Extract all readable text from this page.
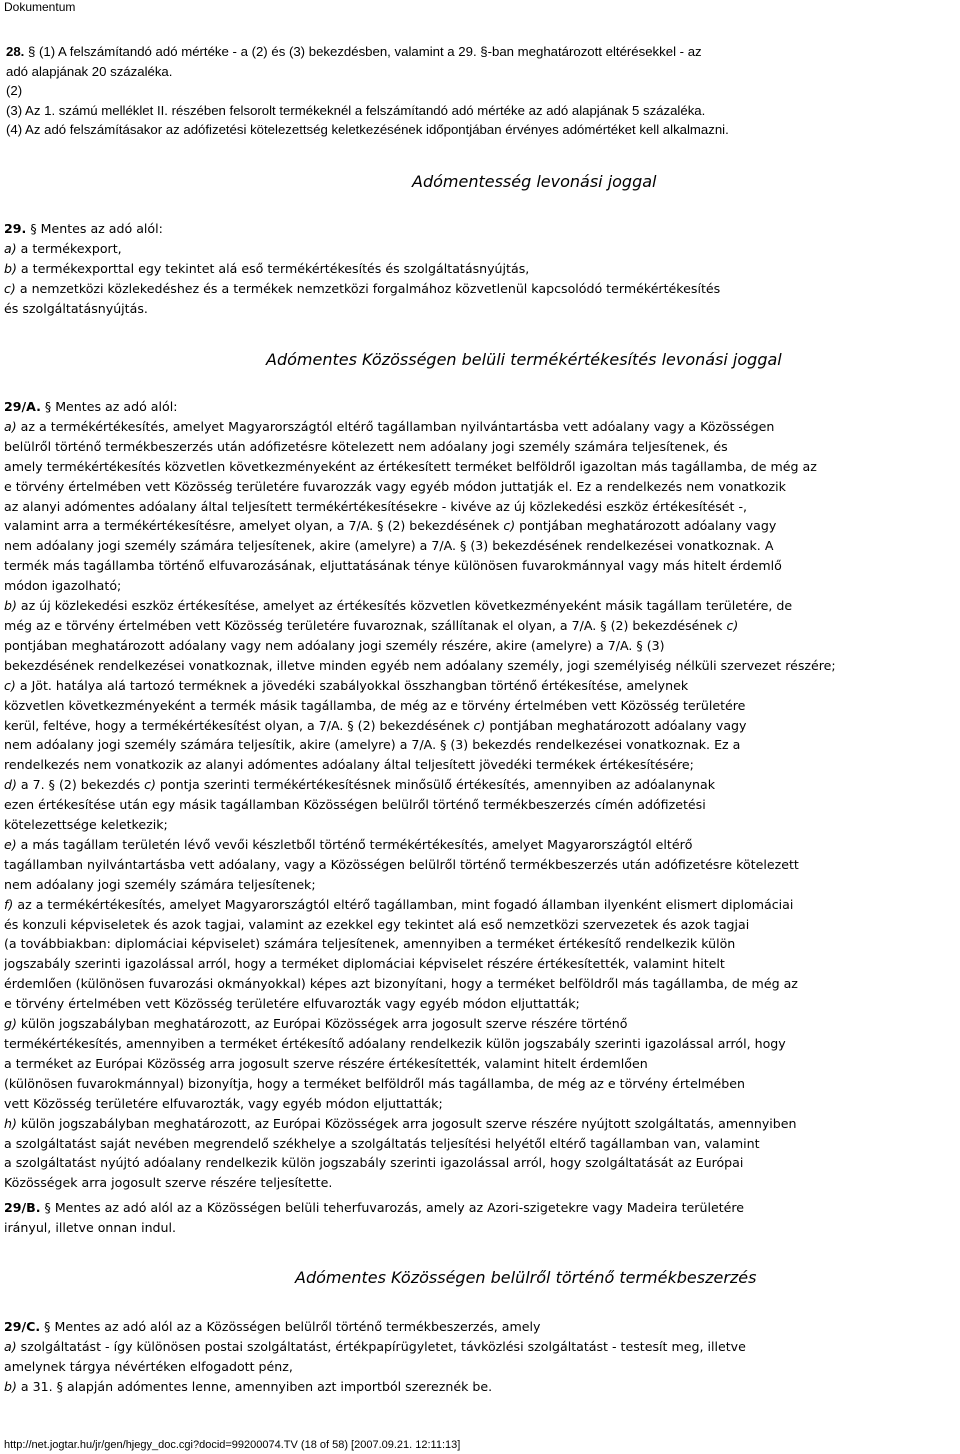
Dokumentum
28. § (1) A felszámítandó adó mértéke - a (2) és (3) bekezdésben, valamint a 29. §-ban meghatározott eltérésekkel - az
adó alapjának 20 százaléka.
(2)
(3) Az 1. számú melléklet II. részében felsorolt termékeknél a felszámítandó adó mértéke az adó alapjának 5 százaléka.
(4) Az adó felszámításakor az adófizetési kötelezettség keletkezésének időpontjában érvényes adómértéket kell alkalmazni.
Adómentesség levonási joggal
29. § Mentes az adó alól:
a) a termékexport,
b) a termékexporttal egy tekintet alá eső termékértékesítés és szolgáltatásnyújtás,
c) a nemzetközi közlekedéshez és a termékek nemzetközi forgalmához közvetlenül kapcsolódó termékértékesítés
és szolgáltatásnyújtás.
Adómentes Közösségen belüli termékértékesítés levonási joggal
29/A. § Mentes az adó alól:
a) az a termékértékesítés, amelyet Magyarországtól eltérő tagállamban nyilvántartásba vett adóalany vagy a Közösségen
belülről történő termékbeszerzés után adófizetésre kötelezett nem adóalany jogi személy számára teljesítenek, és
amely termékértékesítés közvetlen következményeként az értékesített terméket belföldről igazoltan más tagállamba, de még az
e törvény értelmében vett Közösség területére fuvarozzák vagy egyéb módon juttatják el. Ez a rendelkezés nem vonatkozik
az alanyi adómentes adóalany által teljesített termékértékesítésekre - kivéve az új közlekedési eszköz értékesítését -,
valamint arra a termékértékesítésre, amelyet olyan, a 7/A. § (2) bekezdésének c) pontjában meghatározott adóalany vagy
nem adóalany jogi személy számára teljesítenek, akire (amelyre) a 7/A. § (3) bekezdésének rendelkezései vonatkoznak. A
termék más tagállamba történő elfuvarozásának, eljuttatásának ténye különösen fuvarokmánnyal vagy más hitelt érdemlő
módon igazolható;
b) az új közlekedési eszköz értékesítése, amelyet az értékesítés közvetlen következményeként másik tagállam területére, de
még az e törvény értelmében vett Közösség területére fuvaroznak, szállítanak el olyan, a 7/A. § (2) bekezdésének c)
pontjában meghatározott adóalany vagy nem adóalany jogi személy részére, akire (amelyre) a 7/A. § (3)
bekezdésének rendelkezései vonatkoznak, illetve minden egyéb nem adóalany személy, jogi személyiség nélküli szervezet részére;
c) a Jöt. hatálya alá tartozó terméknek a jövedéki szabályokkal összhangban történő értékesítése, amelynek
közvetlen következményeként a termék másik tagállamba, de még az e törvény értelmében vett Közösség területére
kerül, feltéve, hogy a termékértékesítést olyan, a 7/A. § (2) bekezdésének c) pontjában meghatározott adóalany vagy
nem adóalany jogi személy számára teljesítik, akire (amelyre) a 7/A. § (3) bekezdés rendelkezései vonatkoznak. Ez a
rendelkezés nem vonatkozik az alanyi adómentes adóalany által teljesített jövedéki termékek értékesítésére;
d) a 7. § (2) bekezdés c) pontja szerinti termékértékesítésnek minősülő értékesítés, amennyiben az adóalanynak
ezen értékesítése után egy másik tagállamban Közösségen belülről történő termékbeszerzés címén adófizetési
kötelezettsége keletkezik;
e) a más tagállam területén lévő vevői készletből történő termékértékesítés, amelyet Magyarországtól eltérő
tagállamban nyilvántartásba vett adóalany, vagy a Közösségen belülről történő termékbeszerzés után adófizetésre kötelezett
nem adóalany jogi személy számára teljesítenek;
f) az a termékértékesítés, amelyet Magyarországtól eltérő tagállamban, mint fogadó államban ilyenként elismert diplomáciai
és konzuli képviseletek és azok tagjai, valamint az ezekkel egy tekintet alá eső nemzetközi szervezetek és azok tagjai
(a továbbiakban: diplomáciai képviselet) számára teljesítenek, amennyiben a terméket értékesítő rendelkezik külön
jogszabály szerinti igazolással arról, hogy a terméket diplomáciai képviselet részére értékesítették, valamint hitelt
érdemlően (különösen fuvarozási okmányokkal) képes azt bizonyítani, hogy a terméket belföldről más tagállamba, de még az
e törvény értelmében vett Közösség területére elfuvarozták vagy egyéb módon eljuttatták;
g) külön jogszabályban meghatározott, az Európai Közösségek arra jogosult szerve részére történő
termékértékesítés, amennyiben a terméket értékesítő adóalany rendelkezik külön jogszabály szerinti igazolással arról, hogy
a terméket az Európai Közösség arra jogosult szerve részére értékesítették, valamint hitelt érdemlően
(különösen fuvarokmánnyal) bizonyítja, hogy a terméket belföldről más tagállamba, de még az e törvény értelmében
vett Közösség területére elfuvarozták, vagy egyéb módon eljuttatták;
h) külön jogszabályban meghatározott, az Európai Közösségek arra jogosult szerve részére nyújtott szolgáltatás, amennyiben
a szolgáltatást saját nevében megrendelő székhelye a szolgáltatás teljesítési helyétől eltérő tagállamban van, valamint
a szolgáltatást nyújtó adóalany rendelkezik külön jogszabály szerinti igazolással arról, hogy szolgáltatását az Európai
Közösségek arra jogosult szerve részére teljesítette.
29/B. § Mentes az adó alól az a Közösségen belüli teherfuvarozás, amely az Azori-szigetekre vagy Madeira területére
irányul, illetve onnan indul.
Adómentes Közösségen belülről történő termékbeszerzés
29/C. § Mentes az adó alól az a Közösségen belülről történő termékbeszerzés, amely
a) szolgáltatást - így különösen postai szolgáltatást, értékpapírügyletet, távközlési szolgáltatást - testesít meg, illetve
amelynek tárgya névértéken elfogadott pénz,
b) a 31. § alapján adómentes lenne, amennyiben azt importból szereznék be.
http://net.jogtar.hu/jr/gen/hjegy_doc.cgi?docid=99200074.TV (18 of 58) [2007.09.21. 12:11:13]
